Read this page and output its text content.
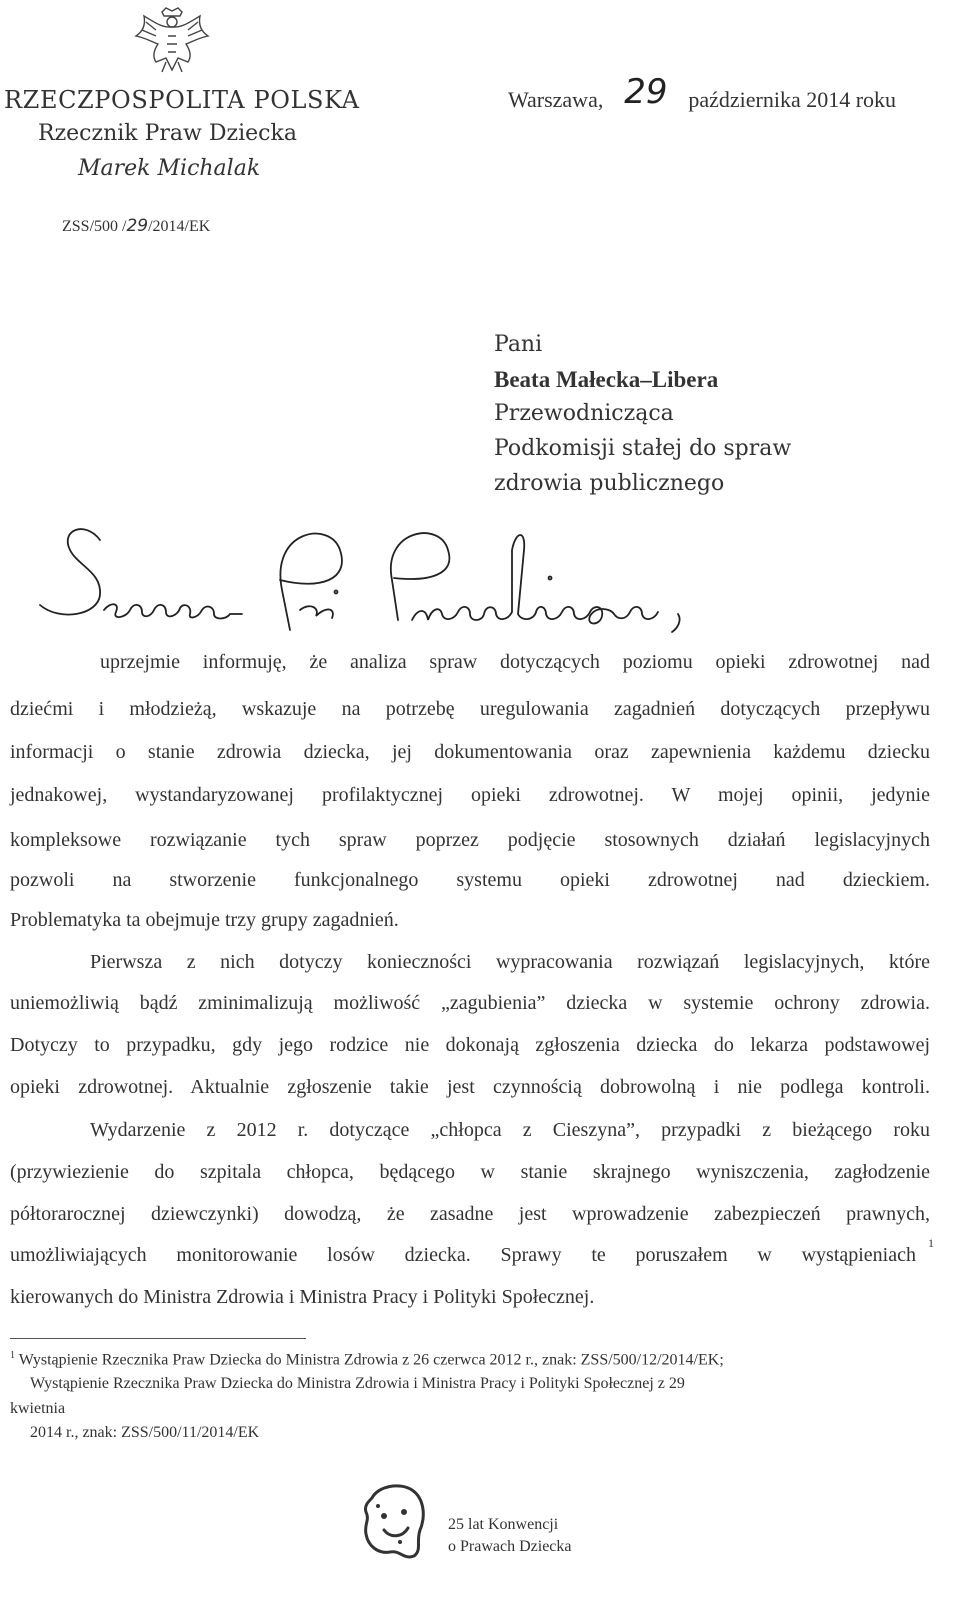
RZECZPOSPOLITA POLSKA
Rzecznik Praw Dziecka
Marek Michalak
Warszawa, 29 października 2014 roku
ZSS/500 /29/2014/EK
Pani
Beata Małecka–Libera
Przewodnicząca
Podkomisji stałej do spraw
zdrowia publicznego
uprzejmie informuję, że analiza spraw dotyczących poziomu opieki zdrowotnej nad
dziećmi i młodzieżą, wskazuje na potrzebę uregulowania zagadnień dotyczących przepływu
informacji o stanie zdrowia dziecka, jej dokumentowania oraz zapewnienia każdemu dziecku
jednakowej, wystandaryzowanej profilaktycznej opieki zdrowotnej. W mojej opinii, jedynie
kompleksowe rozwiązanie tych spraw poprzez podjęcie stosownych działań legislacyjnych
pozwoli na stworzenie funkcjonalnego systemu opieki zdrowotnej nad dzieckiem.
Problematyka ta obejmuje trzy grupy zagadnień.
Pierwsza z nich dotyczy konieczności wypracowania rozwiązań legislacyjnych, które
uniemożliwią bądź zminimalizują możliwość „zagubienia” dziecka w systemie ochrony zdrowia.
Dotyczy to przypadku, gdy jego rodzice nie dokonają zgłoszenia dziecka do lekarza podstawowej
opieki zdrowotnej. Aktualnie zgłoszenie takie jest czynnością dobrowolną i nie podlega kontroli.
Wydarzenie z 2012 r. dotyczące „chłopca z Cieszyna”, przypadki z bieżącego roku
(przywiezienie do szpitala chłopca, będącego w stanie skrajnego wyniszczenia, zagłodzenie
półtorarocznej dziewczynki) dowodzą, że zasadne jest wprowadzenie zabezpieczeń prawnych,
umożliwiających monitorowanie losów dziecka. Sprawy te poruszałem w wystąpieniach
1
kierowanych do Ministra Zdrowia i Ministra Pracy i Polityki Społecznej.
$^1$ Wystąpienie Rzecznika Praw Dziecka do Ministra Zdrowia z 26 czerwca 2012 r., znak: ZSS/500/12/2014/EK;
Wystąpienie Rzecznika Praw Dziecka do Ministra Zdrowia i Ministra Pracy i Polityki Społecznej z 29
kwietnia
2014 r., znak: ZSS/500/11/2014/EK
25 lat Konwencji
o Prawach Dziecka
